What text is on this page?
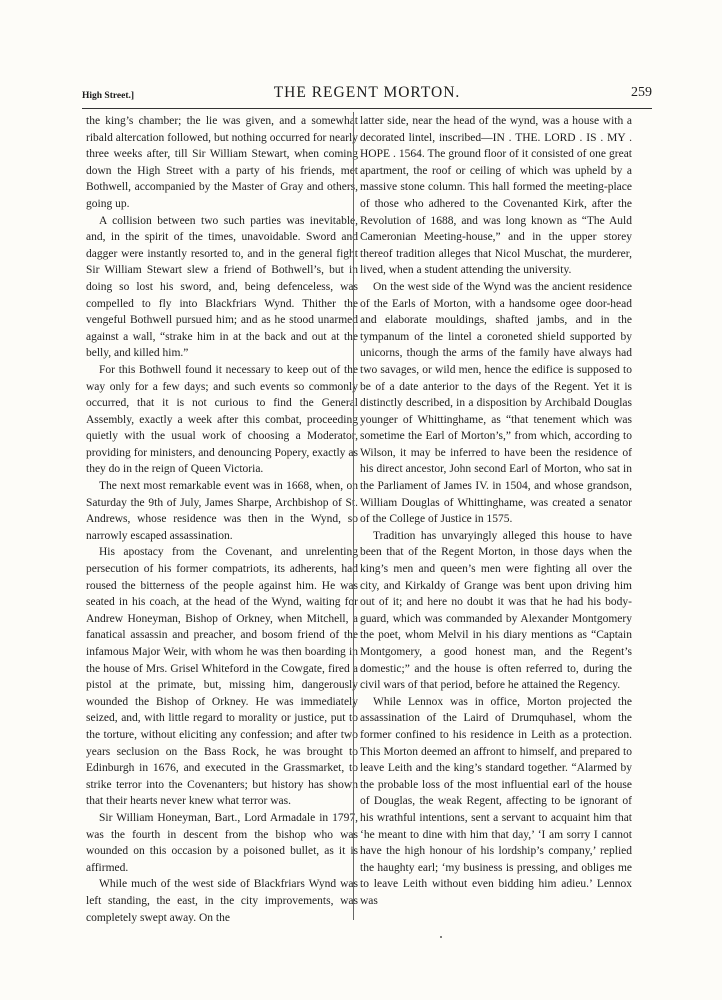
High Street.]	THE REGENT MORTON.	259

the king’s chamber; the lie was given, and a somewhat ribald altercation followed, but nothing occurred for nearly three weeks after, till Sir William Stewart, when coming down the High Street with a party of his friends, met Bothwell, accompanied by the Master of Gray and others, going up.

A collision between two such parties was inevitable, and, in the spirit of the times, unavoidable. Sword and dagger were instantly resorted to, and in the general fight Sir William Stewart slew a friend of Bothwell’s, but in doing so lost his sword, and, being defenceless, was compelled to fly into Blackfriars Wynd. Thither the vengeful Bothwell pursued him; and as he stood unarmed against a wall, “strake him in at the back and out at the belly, and killed him.”

For this Bothwell found it necessary to keep out of the way only for a few days; and such events so commonly occurred, that it is not curious to find the General Assembly, exactly a week after this combat, proceeding quietly with the usual work of choosing a Moderator, providing for ministers, and denouncing Popery, exactly as they do in the reign of Queen Victoria.

The next most remarkable event was in 1668, when, on Saturday the 9th of July, James Sharpe, Archbishop of St. Andrews, whose residence was then in the Wynd, so narrowly escaped assassination.

His apostacy from the Covenant, and unrelenting persecution of his former compatriots, its adherents, had roused the bitterness of the people against him. He was seated in his coach, at the head of the Wynd, waiting for Andrew Honeyman, Bishop of Orkney, when Mitchell, a fanatical assassin and preacher, and bosom friend of the infamous Major Weir, with whom he was then boarding in the house of Mrs. Grisel Whiteford in the Cowgate, fired a pistol at the primate, but, missing him, dangerously wounded the Bishop of Orkney. He was immediately seized, and, with little regard to morality or justice, put to the torture, without eliciting any confession; and after two years seclusion on the Bass Rock, he was brought to Edinburgh in 1676, and executed in the Grassmarket, to strike terror into the Covenanters; but history has shown that their hearts never knew what terror was.

Sir William Honeyman, Bart., Lord Armadale in 1797, was the fourth in descent from the bishop who was wounded on this occasion by a poisoned bullet, as it is affirmed.

While much of the west side of Blackfriars Wynd was left standing, the east, in the city improvements, was completely swept away. On the

latter side, near the head of the wynd, was a house with a decorated lintel, inscribed—IN . THE. LORD . IS . MY . HOPE . 1564. The ground floor of it consisted of one great apartment, the roof or ceiling of which was upheld by a massive stone column. This hall formed the meeting-place of those who adhered to the Covenanted Kirk, after the Revolution of 1688, and was long known as “The Auld Cameronian Meeting-house,” and in the upper storey thereof tradition alleges that Nicol Muschat, the murderer, lived, when a student attending the university.

On the west side of the Wynd was the ancient residence of the Earls of Morton, with a handsome ogee door-head and elaborate mouldings, shafted jambs, and in the tympanum of the lintel a coroneted shield supported by unicorns, though the arms of the family have always had two savages, or wild men, hence the edifice is supposed to be of a date anterior to the days of the Regent. Yet it is distinctly described, in a disposition by Archibald Douglas younger of Whittinghame, as “that tenement which was sometime the Earl of Morton’s,” from which, according to Wilson, it may be inferred to have been the residence of his direct ancestor, John second Earl of Morton, who sat in the Parliament of James IV. in 1504, and whose grandson, William Douglas of Whittinghame, was created a senator of the College of Justice in 1575.

Tradition has unvaryingly alleged this house to have been that of the Regent Morton, in those days when the king’s men and queen’s men were fighting all over the city, and Kirkaldy of Grange was bent upon driving him out of it; and here no doubt it was that he had his body-guard, which was commanded by Alexander Montgomery the poet, whom Melvil in his diary mentions as “Captain Montgomery, a good honest man, and the Regent’s domestic;” and the house is often referred to, during the civil wars of that period, before he attained the Regency.

While Lennox was in office, Morton projected the assassination of the Laird of Drumquhasel, whom the former confined to his residence in Leith as a protection. This Morton deemed an affront to himself, and prepared to leave Leith and the king’s standard together. “Alarmed by the probable loss of the most influential earl of the house of Douglas, the weak Regent, affecting to be ignorant of his wrathful intentions, sent a servant to acquaint him that ‘he meant to dine with him that day,’ ‘I am sorry I cannot have the high honour of his lordship’s company,’ replied the haughty earl; ‘my business is pressing, and obliges me to leave Leith without even bidding him adieu.’ Lennox was
